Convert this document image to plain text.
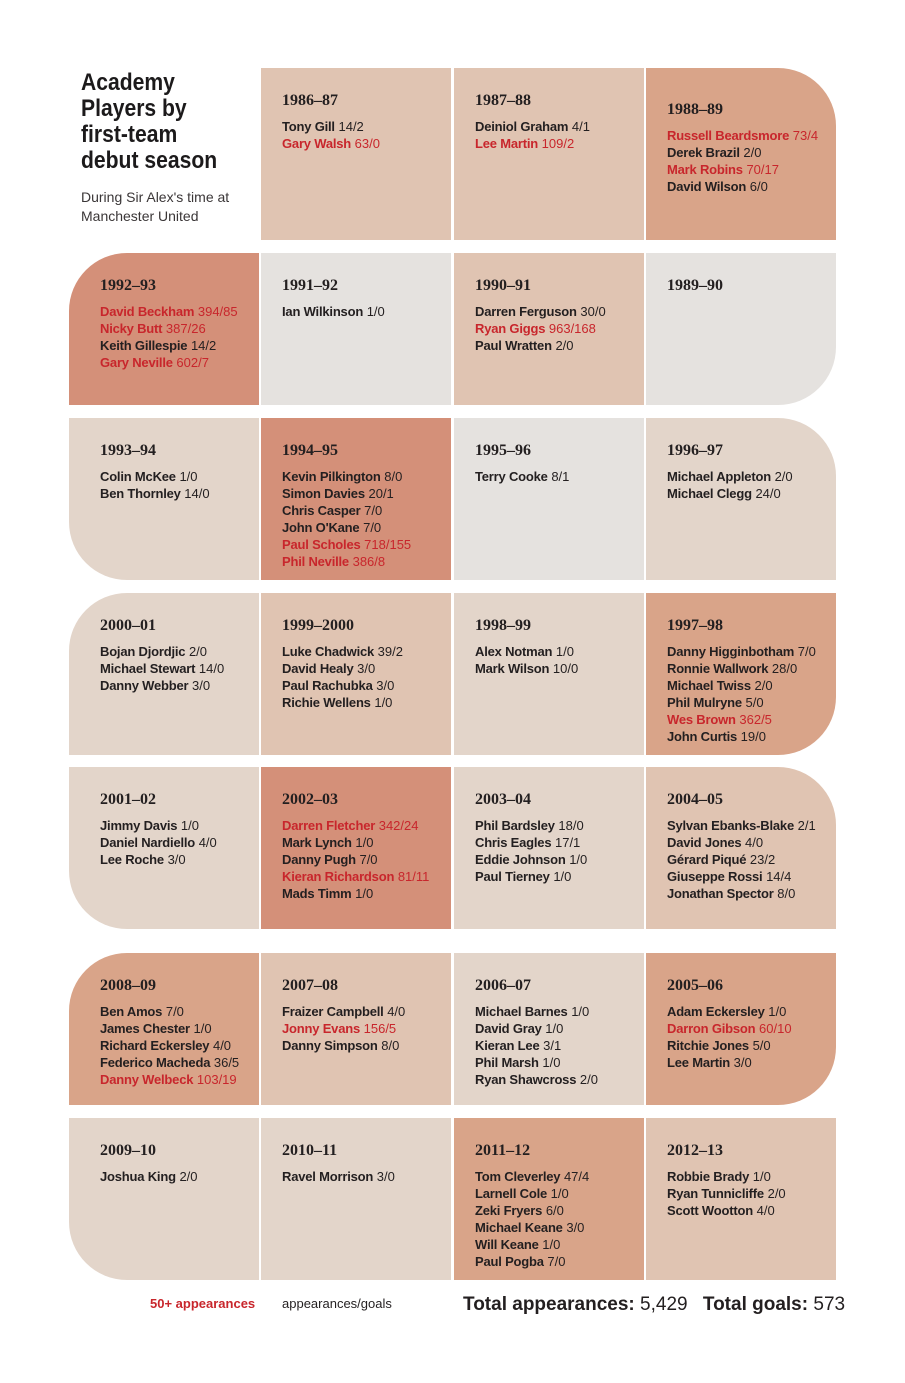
Academy
Players by
first-team
debut season
During Sir Alex's time at Manchester United
1986–87
Tony Gill 14/2
Gary Walsh 63/0
1987–88
Deiniol Graham 4/1
Lee Martin 109/2
1988–89
Russell Beardsmore 73/4
Derek Brazil 2/0
Mark Robins 70/17
David Wilson 6/0
1992–93
David Beckham 394/85
Nicky Butt 387/26
Keith Gillespie 14/2
Gary Neville 602/7
1991–92
Ian Wilkinson 1/0
1990–91
Darren Ferguson 30/0
Ryan Giggs 963/168
Paul Wratten 2/0
1989–90
1993–94
Colin McKee 1/0
Ben Thornley 14/0
1994–95
Kevin Pilkington 8/0
Simon Davies 20/1
Chris Casper 7/0
John O'Kane 7/0
Paul Scholes 718/155
Phil Neville 386/8
1995–96
Terry Cooke 8/1
1996–97
Michael Appleton 2/0
Michael Clegg 24/0
2000–01
Bojan Djordjic 2/0
Michael Stewart 14/0
Danny Webber 3/0
1999–2000
Luke Chadwick 39/2
David Healy 3/0
Paul Rachubka 3/0
Richie Wellens 1/0
1998–99
Alex Notman 1/0
Mark Wilson 10/0
1997–98
Danny Higginbotham 7/0
Ronnie Wallwork 28/0
Michael Twiss 2/0
Phil Mulryne 5/0
Wes Brown 362/5
John Curtis 19/0
2001–02
Jimmy Davis 1/0
Daniel Nardiello 4/0
Lee Roche 3/0
2002–03
Darren Fletcher 342/24
Mark Lynch 1/0
Danny Pugh 7/0
Kieran Richardson 81/11
Mads Timm 1/0
2003–04
Phil Bardsley 18/0
Chris Eagles 17/1
Eddie Johnson 1/0
Paul Tierney 1/0
2004–05
Sylvan Ebanks-Blake 2/1
David Jones 4/0
Gérard Piqué 23/2
Giuseppe Rossi 14/4
Jonathan Spector 8/0
2008–09
Ben Amos 7/0
James Chester 1/0
Richard Eckersley 4/0
Federico Macheda 36/5
Danny Welbeck 103/19
2007–08
Fraizer Campbell 4/0
Jonny Evans 156/5
Danny Simpson 8/0
2006–07
Michael Barnes 1/0
David Gray 1/0
Kieran Lee 3/1
Phil Marsh 1/0
Ryan Shawcross 2/0
2005–06
Adam Eckersley 1/0
Darron Gibson 60/10
Ritchie Jones 5/0
Lee Martin 3/0
2009–10
Joshua King 2/0
2010–11
Ravel Morrison 3/0
2011–12
Tom Cleverley 47/4
Larnell Cole 1/0
Zeki Fryers 6/0
Michael Keane 3/0
Will Keane 1/0
Paul Pogba 7/0
2012–13
Robbie Brady 1/0
Ryan Tunnicliffe 2/0
Scott Wootton 4/0
50+ appearances appearances/goals	Total appearances: 5,429 Total goals: 573
